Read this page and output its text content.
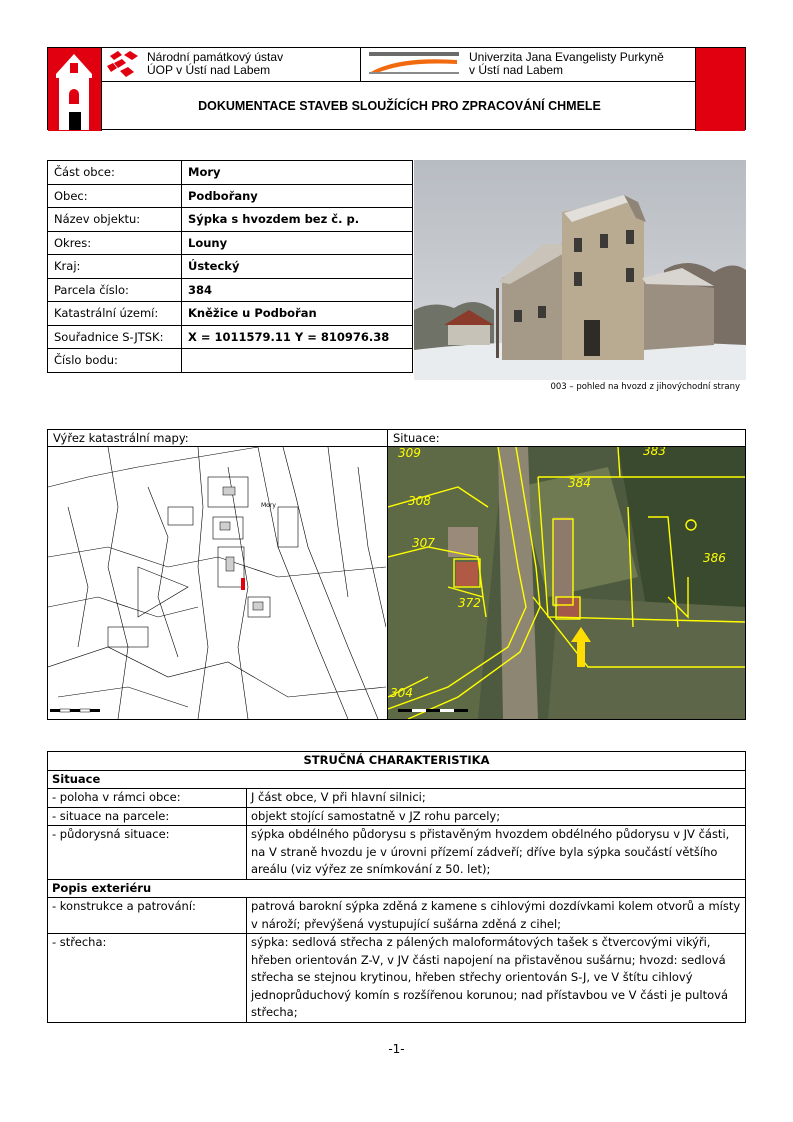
Národní památkový ústav
ÚOP v Ústí nad Labem
Univerzita Jana Evangelisty Purkyně
v Ústí nad Labem
DOKUMENTACE STAVEB SLOUŽÍCÍCH PRO ZPRACOVÁNÍ CHMELE
Část obce:	Mory
Obec:	Podbořany
Název objektu:	Sýpka s hvozdem bez č. p.
Okres:	Louny
Kraj:	Ústecký
Parcela číslo:	384
Katastrální území:	Kněžice u Podbořan
Souřadnice S-JTSK:	X = 1011579.11 Y = 810976.38
Číslo bodu:	
003 – pohled na hvozd z jihovýchodní strany
Výřez katastrální mapy:
Mory
Situace:
309	383
384
308
307
386
372
304
STRUČNÁ CHARAKTERISTIKA	
Situace	
- poloha v rámci obce:	J část obce, V při hlavní silnici;
- situace na parcele:	objekt stojící samostatně v JZ rohu parcely;
- půdorysná situace:	sýpka obdélného půdorysu s přistavěným hvozdem obdélného půdorysu v JV části, na V straně hvozdu je v úrovni přízemí zádveří; dříve byla sýpka součástí většího areálu (viz výřez ze snímkování z 50. let);
Popis exteriéru	
- konstrukce a patrování:	patrová barokní sýpka zděná z kamene s cihlovými dozdívkami kolem otvorů a místy v nároží; převýšená vystupující sušárna zděná z cihel;
- střecha:	sýpka: sedlová střecha z pálených maloformátových tašek s čtvercovými vikýři, hřeben orientován Z-V, v JV části napojení na přistavěnou sušárnu; hvozd: sedlová střecha se stejnou krytinou, hřeben střechy orientován S-J, ve V štítu cihlový jednoprůduchový komín s rozšířenou korunou; nad přístavbou ve V části je pultová střecha;
-1-
